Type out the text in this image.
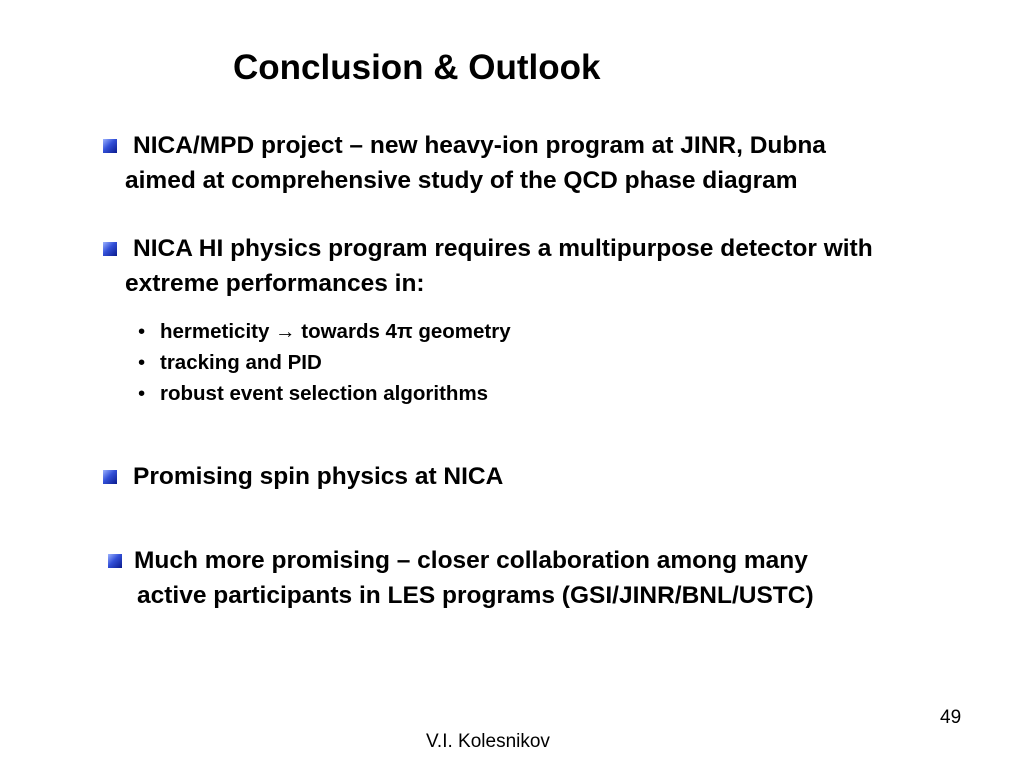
Conclusion & Outlook
NICA/MPD project – new heavy-ion program at JINR, Dubna
aimed at comprehensive study of the QCD phase diagram
NICA HI physics program requires a multipurpose detector with
extreme performances in:
• hermeticity → towards 4π geometry
• tracking and PID
• robust event selection algorithms
Promising spin physics at NICA
Much more promising – closer collaboration among many
active participants in LES programs (GSI/JINR/BNL/USTC)
49
V.I. Kolesnikov
